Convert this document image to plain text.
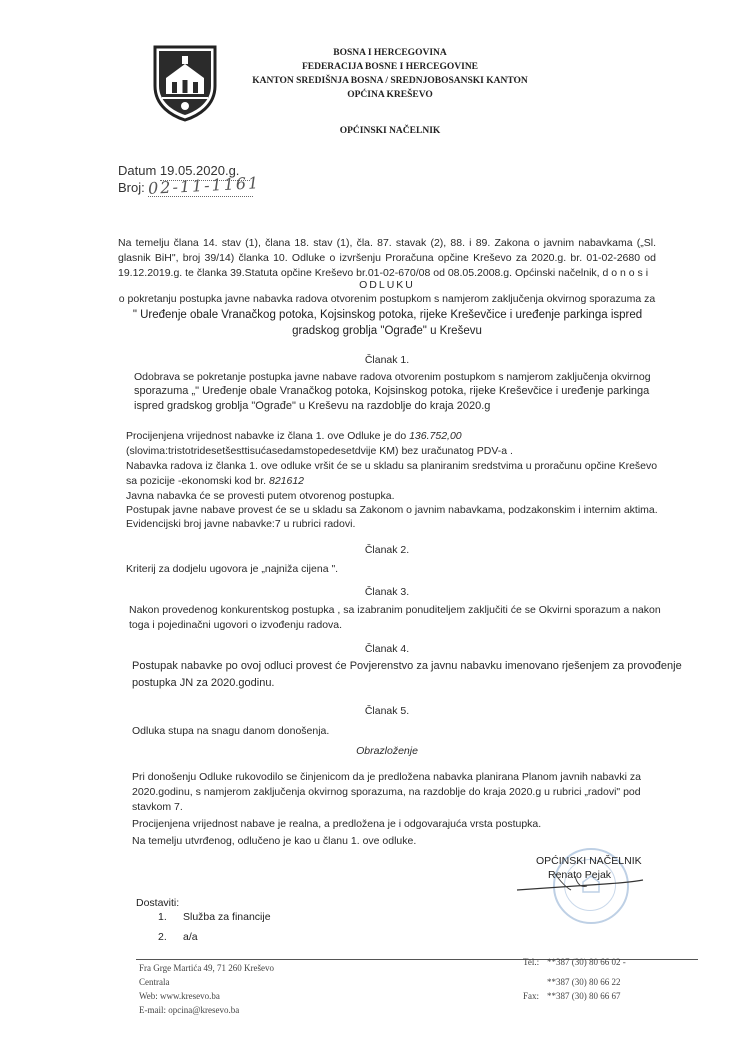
BOSNA I HERCEGOVINA
FEDERACIJA BOSNE I HERCEGOVINE
KANTON SREDIŠNJA BOSNA / SREDNJOBOSANSKI KANTON
OPĆINA KREŠEVO
OPĆINSKI NAČELNIK
Datum 19.05.2020.g.
Broj: 02-11-1161
Na temelju člana 14. stav (1), člana 18. stav (1), čla. 87. stavak (2), 88. i 89. Zakona o javnim nabavkama („Sl. glasnik BiH", broj 39/14) članka 10. Odluke o izvršenju Proračuna opčine Kreševo za 2020.g. br. 01-02-2680 od 19.12.2019.g. te članka 39.Statuta opčine Kreševo br.01-02-670/08 od 08.05.2008.g. Općinski načelnik, d o n o s i
ODLUKU
o pokretanju postupka javne nabavka radova otvorenim postupkom s namjerom zaključenja okvirnog sporazuma za
" Uređenje obale Vranačkog potoka, Kojsinskog potoka, rijeke Kreševčice i uređenje parkinga ispred
gradskog groblja "Ograđe" u Kreševu
Članak 1.
Odobrava se pokretanje postupka javne nabave radova otvorenim postupkom s namjerom zaključenja okvirnog
sporazuma „" Uređenje obale Vranačkog potoka, Kojsinskog potoka, rijeke Kreševčice i uređenje parkinga
ispred gradskog groblja "Ograđe" u Kreševu na razdoblje do kraja 2020.g
Procijenjena vrijednost nabavke iz člana 1. ove Odluke je do 136.752,00
(slovima:tristotridesetšesttisućasedamstopedesetdvije KM) bez uračunatog PDV-a .
Nabavka radova iz članka 1. ove odluke vršit će se u skladu sa planiranim sredstvima u proračunu opčine Kreševo
sa pozicije -ekonomski kod br. 821612
Javna nabavka će se provesti putem otvorenog postupka.
Postupak javne nabave provest će se u skladu sa Zakonom o javnim nabavkama, podzakonskim i internim aktima.
Evidencijski broj javne nabavke:7 u rubrici radovi.
Članak 2.
Kriterij za dodjelu ugovora je „najniža cijena ".
Članak 3.
Nakon provedenog konkurentskog postupka , sa izabranim ponuditeljem zaključiti će se Okvirni sporazum a nakon
toga i pojedinačni ugovori o izvođenju radova.
Članak 4.
Postupak nabavke po ovoj odluci provest će Povjerenstvo za javnu nabavku imenovano rješenjem za provođenje
postupka JN za 2020.godinu.
Članak 5.
Odluka stupa na snagu danom donošenja.
Obrazloženje
Pri donošenju Odluke rukovodilo se činjenicom da je predložena nabavka planirana Planom javnih nabavki za
2020.godinu, s namjerom zaključenja okvirnog sporazuma, na razdoblje do kraja 2020.g u rubrici „radovi" pod
stavkom 7.
Procijenjena vrijednost nabave je realna, a predložena je i odgovarajuća vrsta postupka.
Na temelju utvrđenog, odlučeno je kao u članu 1. ove odluke.
OPĆINSKI NAČELNIK
Renato Pejak
Dostaviti:
1. Služba za financije
2. a/a
Fra Grge Martića 49, 71 260 Kreševo
Centrala
Web: www.kresevo.ba
E-mail: opcina@kresevo.ba
Tel.: **387 (30) 80 66 02 -
**387 (30) 80 66 22
Fax: **387 (30) 80 66 67
